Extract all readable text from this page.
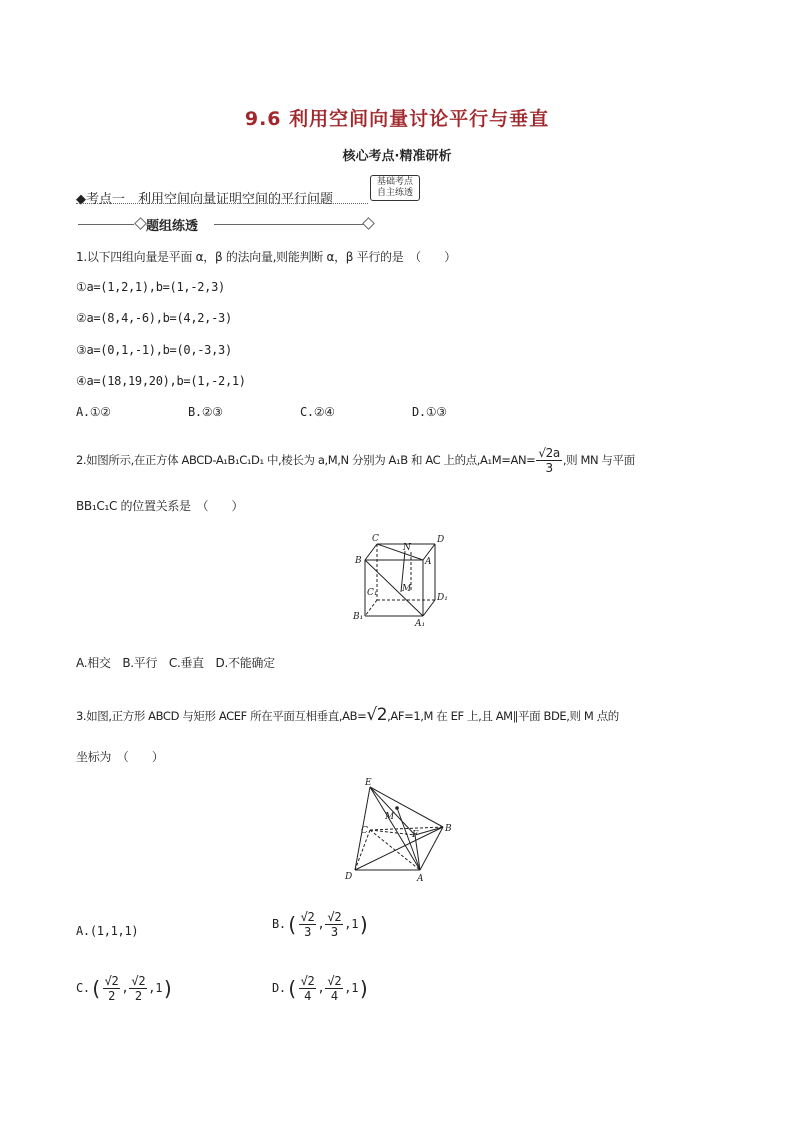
9.6 利用空间向量讨论平行与垂直
核心考点·精准研析
◆考点一　利用空间向量证明空间的平行问题
基础考点
自主练透
题组练透
1.以下四组向量是平面 α，β 的法向量,则能判断 α，β 平行的是　（　　）
①a=(1,2,1),b=(1,-2,3)
②a=(8,4,-6),b=(4,2,-3)
③a=(0,1,-1),b=(0,-3,3)
④a=(18,19,20),b=(1,-2,1)
A.①②	B.②③	C.②④	D.①③
2.如图所示,在正方体 ABCD-A₁B₁C₁D₁ 中,棱长为 a,M,N 分别为 A₁B 和 AC 上的点$,A_1M=AN= \frac{√2a}{3}$ ,则 MN 与平面
BB₁C₁C 的位置关系是　（　　）
C
N
D
B	A
M
C₁	D₁
B₁
A₁
A.相交　B.平行　C.垂直　D.不能确定
3.如图,正方形 ABCD 与矩形 ACEF 所在平面互相垂直,AB=√2,AF=1,M 在 EF 上,且 AM∥平面 BDE,则 M 点的
坐标为　（　　）
E
M
C	F
B
D	A
A.(1,1,1)	$B.( \frac{√2}{3}$ , $\frac{√2}{3} ,1$)
$C.( \frac{√2}{2}$ , $\frac{√2}{2} ,1$)	$D.( \frac{√2}{4}$ , $\frac{√2}{4} ,1$)
